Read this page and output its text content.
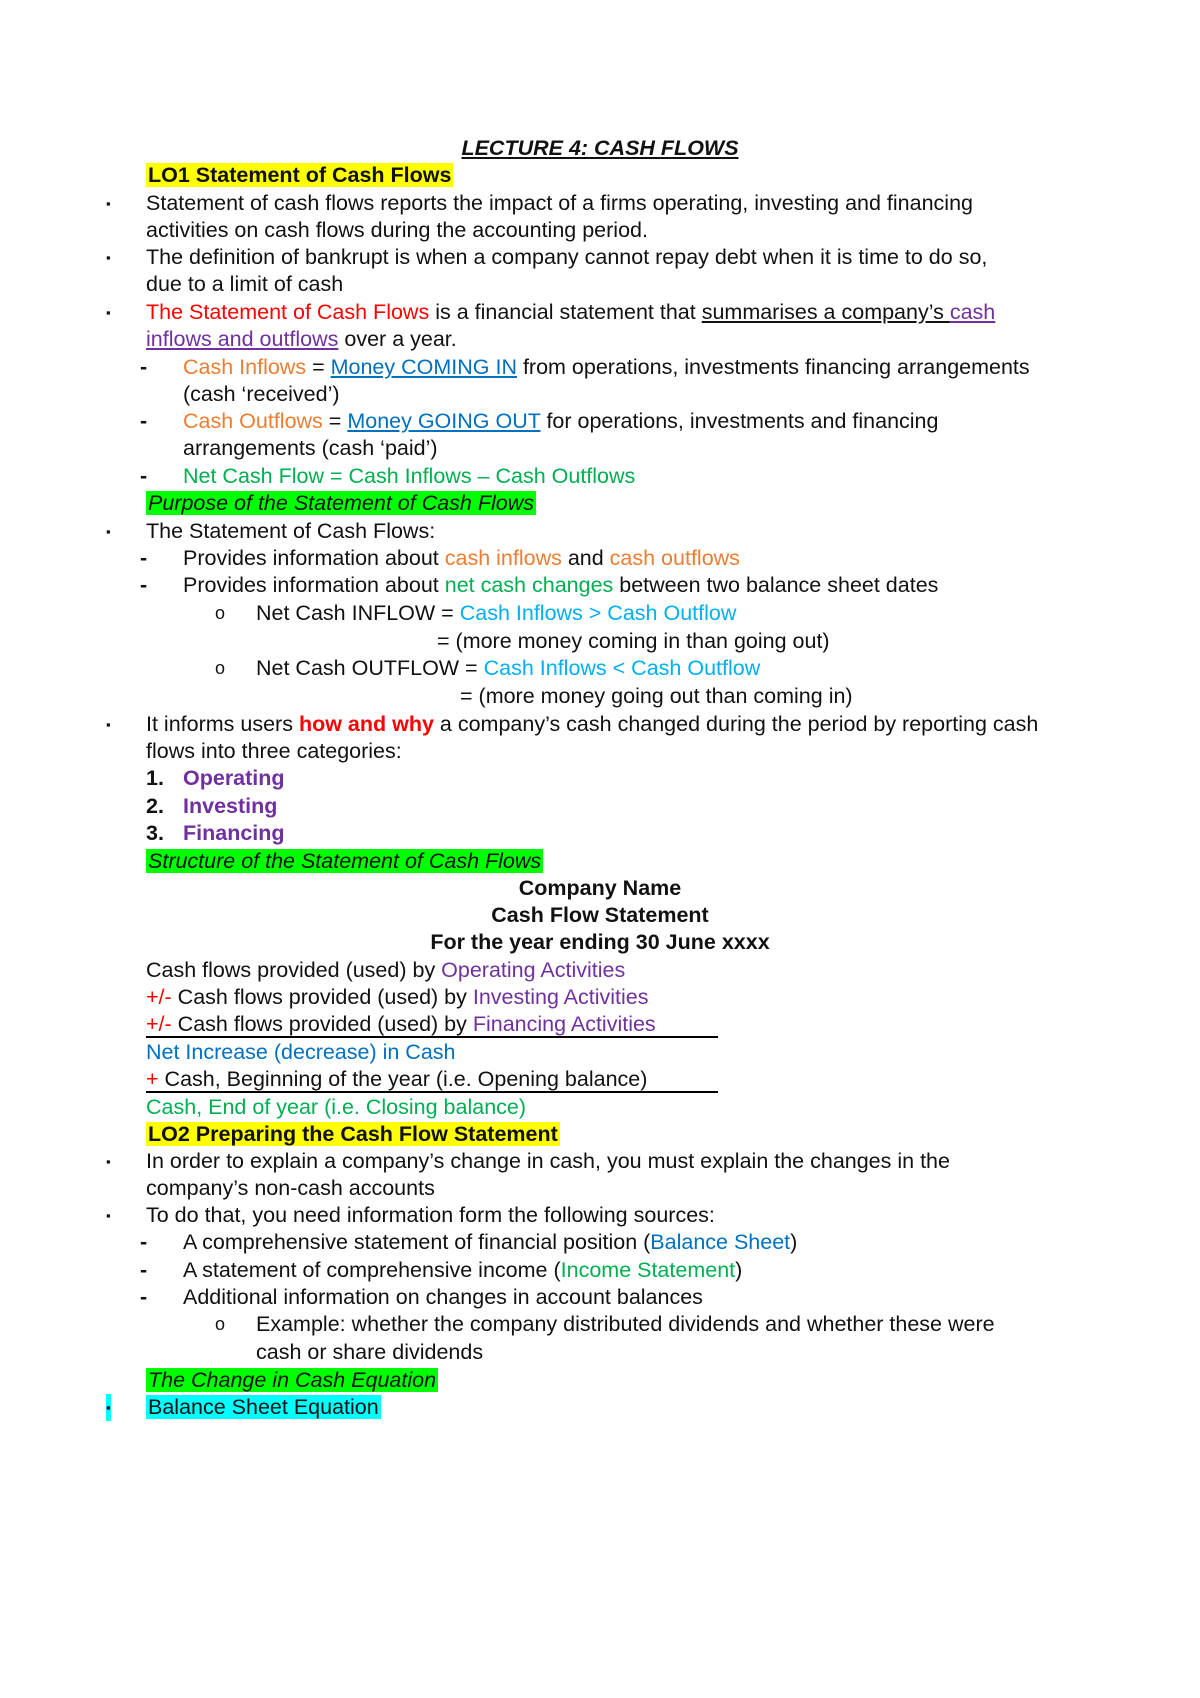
LECTURE 4: CASH FLOWS
LO1 Statement of Cash Flows
▪ Statement of cash flows reports the impact of a firms operating, investing and financing
activities on cash flows during the accounting period.
▪ The definition of bankrupt is when a company cannot repay debt when it is time to do so,
due to a limit of cash
▪ The Statement of Cash Flows is a financial statement that summarises a company’s cash
inflows and outflows over a year.
- Cash Inflows = Money COMING IN from operations, investments financing arrangements
(cash ‘received’)
- Cash Outflows = Money GOING OUT for operations, investments and financing
arrangements (cash ‘paid’)
- Net Cash Flow = Cash Inflows – Cash Outflows
Purpose of the Statement of Cash Flows
▪ The Statement of Cash Flows:
- Provides information about cash inflows and cash outflows
- Provides information about net cash changes between two balance sheet dates
o Net Cash INFLOW = Cash Inflows > Cash Outflow
= (more money coming in than going out)
o Net Cash OUTFLOW = Cash Inflows < Cash Outflow
= (more money going out than coming in)
▪ It informs users how and why a company’s cash changed during the period by reporting cash
flows into three categories:
1. Operating
2. Investing
3. Financing
Structure of the Statement of Cash Flows
Company Name
Cash Flow Statement
For the year ending 30 June xxxx
Cash flows provided (used) by Operating Activities
+/- Cash flows provided (used) by Investing Activities
+/- Cash flows provided (used) by Financing Activities
Net Increase (decrease) in Cash
+ Cash, Beginning of the year (i.e. Opening balance)
Cash, End of year (i.e. Closing balance)
LO2 Preparing the Cash Flow Statement
▪ In order to explain a company’s change in cash, you must explain the changes in the
company’s non-cash accounts
▪ To do that, you need information form the following sources:
- A comprehensive statement of financial position (Balance Sheet)
- A statement of comprehensive income (Income Statement)
- Additional information on changes in account balances
o Example: whether the company distributed dividends and whether these were
cash or share dividends
The Change in Cash Equation
▪ Balance Sheet Equation
